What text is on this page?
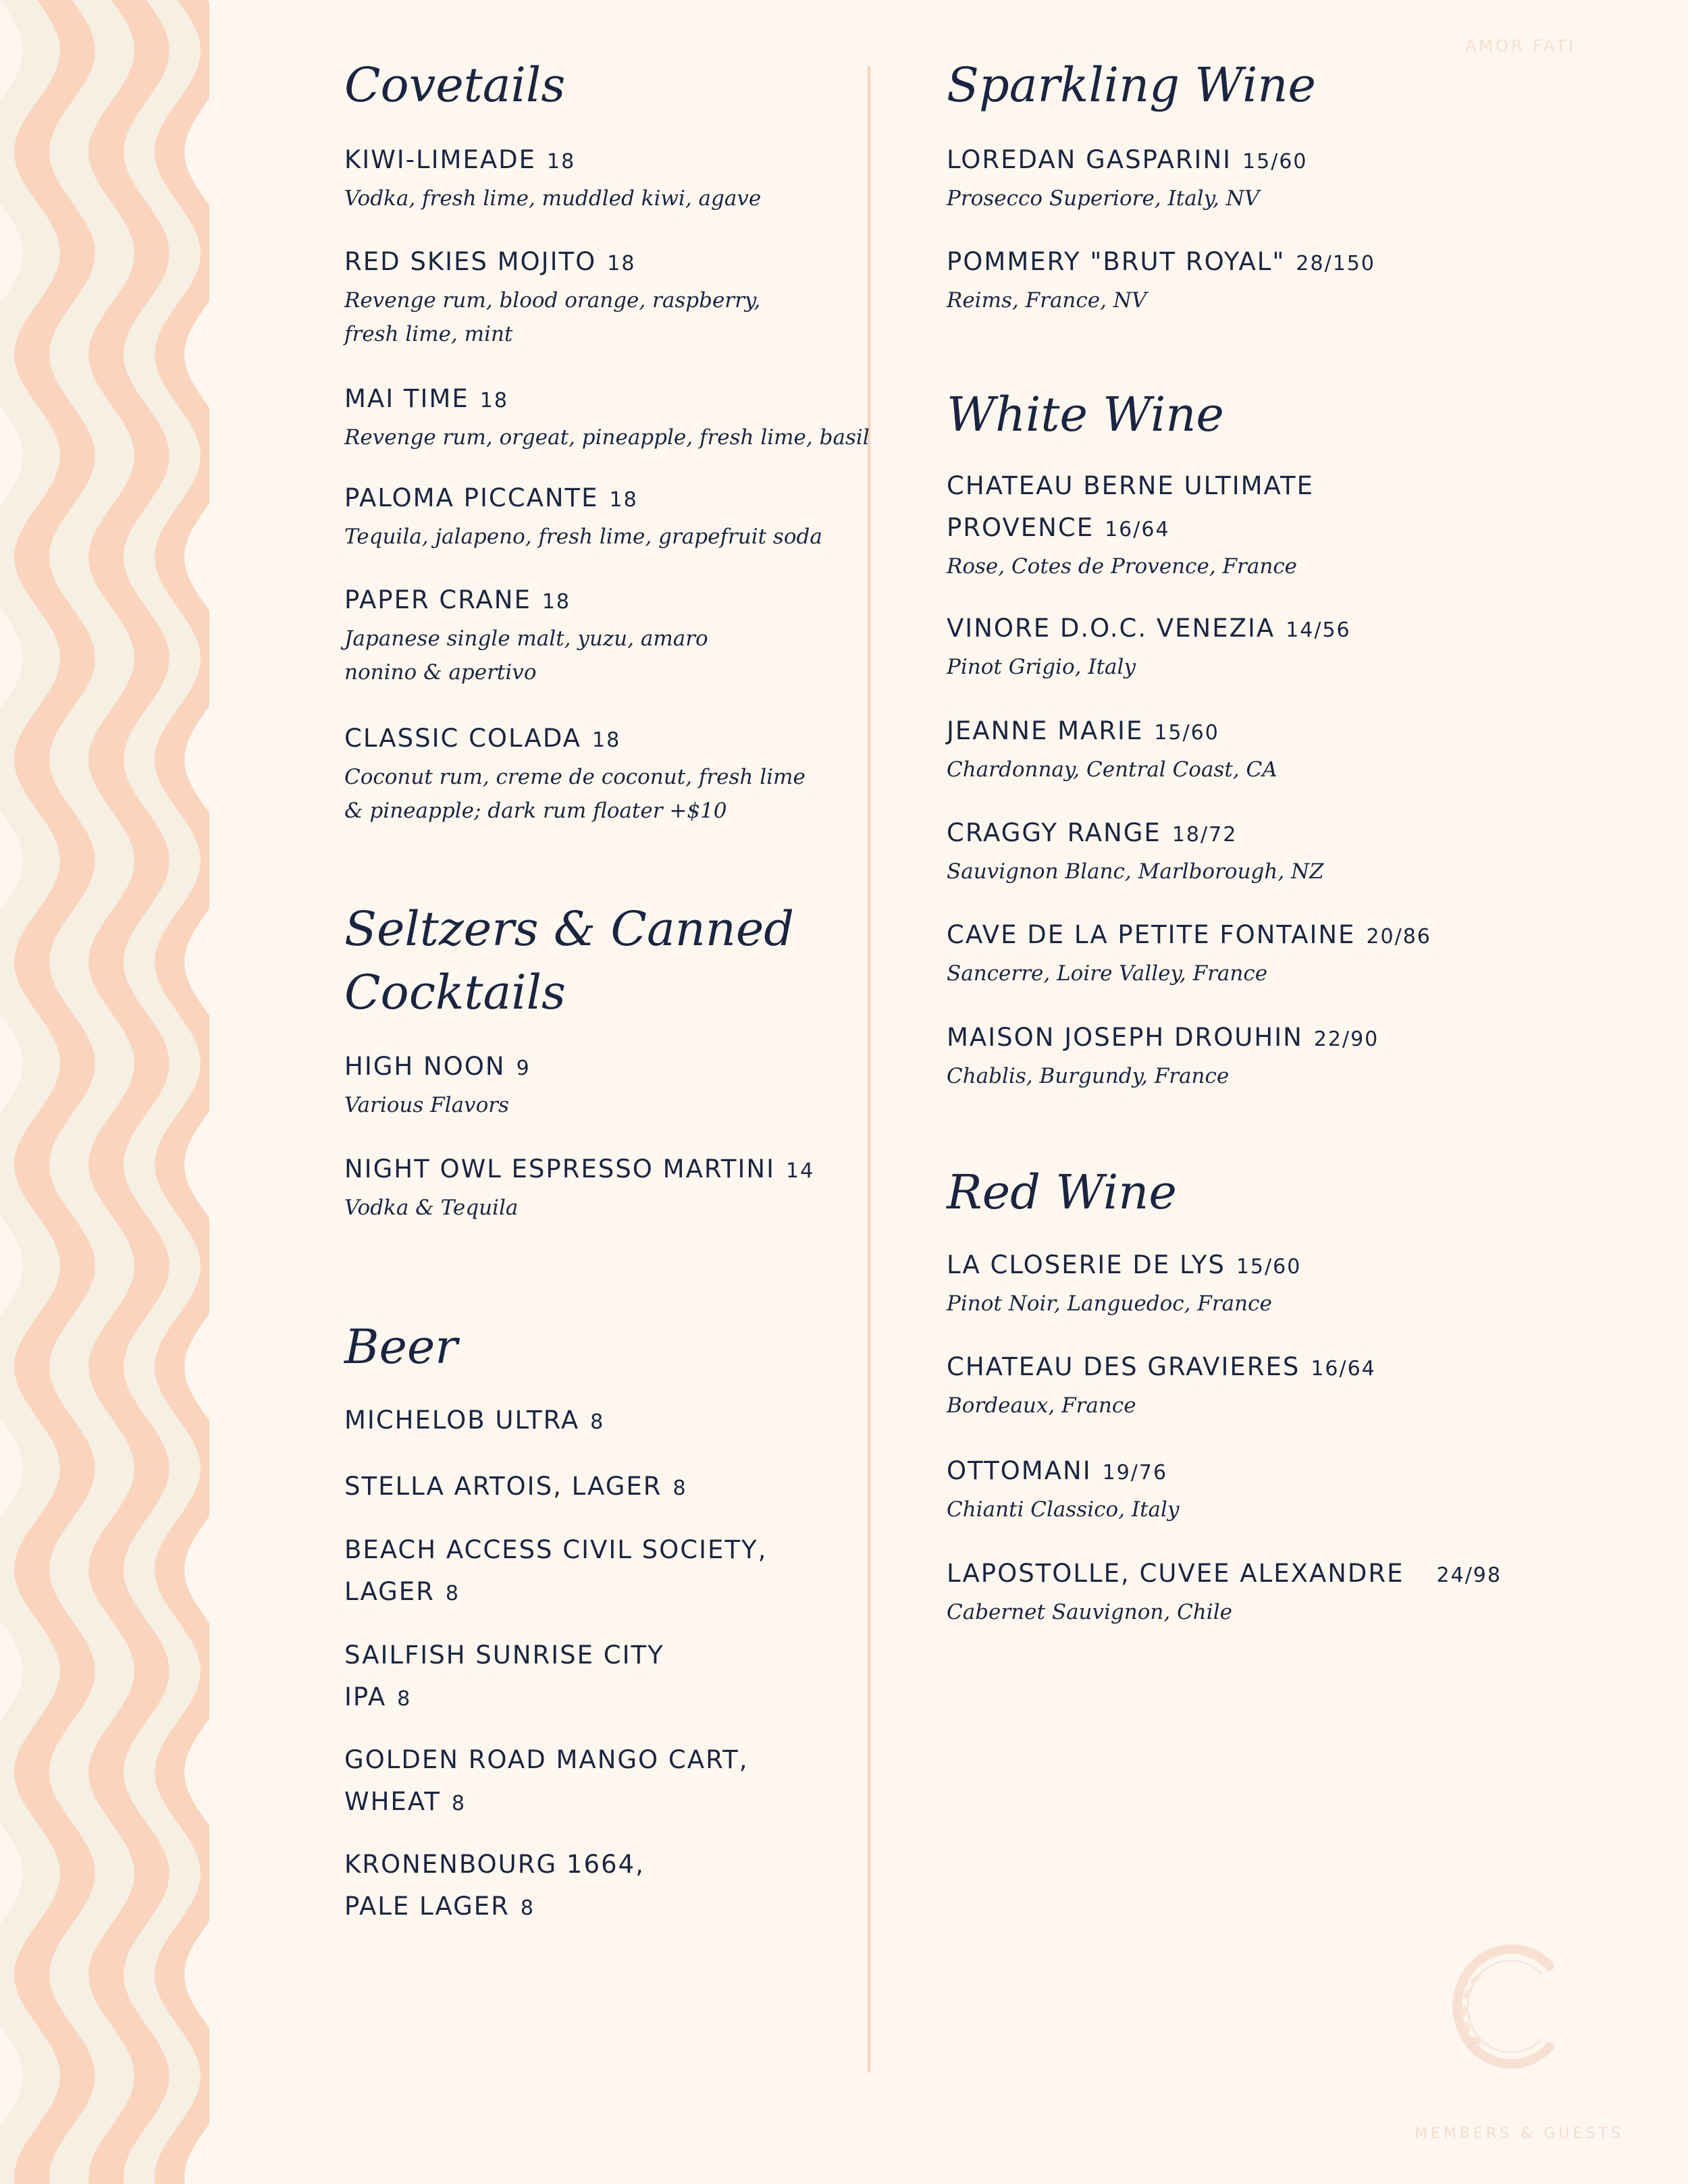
AMOR FATI
Covetails
KIWI-LIMEADE 18
Vodka, fresh lime, muddled kiwi, agave
RED SKIES MOJITO 18
Revenge rum, blood orange, raspberry,
fresh lime, mint
MAI TIME 18
Revenge rum, orgeat, pineapple, fresh lime, basil
PALOMA PICCANTE 18
Tequila, jalapeno, fresh lime, grapefruit soda
PAPER CRANE 18
Japanese single malt, yuzu, amaro
nonino & apertivo
CLASSIC COLADA 18
Coconut rum, creme de coconut, fresh lime
& pineapple; dark rum floater +$10
Seltzers & Canned
Cocktails
HIGH NOON 9
Various Flavors
NIGHT OWL ESPRESSO MARTINI 14
Vodka & Tequila
Beer
MICHELOB ULTRA 8
STELLA ARTOIS, LAGER 8
BEACH ACCESS CIVIL SOCIETY,
LAGER 8
SAILFISH SUNRISE CITY
IPA 8
GOLDEN ROAD MANGO CART,
WHEAT 8
KRONENBOURG 1664,
PALE LAGER 8
Sparkling Wine
LOREDAN GASPARINI 15/60
Prosecco Superiore, Italy, NV
POMMERY "BRUT ROYAL" 28/150
Reims, France, NV
White Wine
CHATEAU BERNE ULTIMATE
PROVENCE 16/64
Rose, Cotes de Provence, France
VINORE D.O.C. VENEZIA 14/56
Pinot Grigio, Italy
JEANNE MARIE 15/60
Chardonnay, Central Coast, CA
CRAGGY RANGE 18/72
Sauvignon Blanc, Marlborough, NZ
CAVE DE LA PETITE FONTAINE 20/86
Sancerre, Loire Valley, France
MAISON JOSEPH DROUHIN 22/90
Chablis, Burgundy, France
Red Wine
LA CLOSERIE DE LYS 15/60
Pinot Noir, Languedoc, France
CHATEAU DES GRAVIERES 16/64
Bordeaux, France
OTTOMANI 19/76
Chianti Classico, Italy
LAPOSTOLLE, CUVEE ALEXANDRE 24/98
Cabernet Sauvignon, Chile
MEMBERS & GUESTS
